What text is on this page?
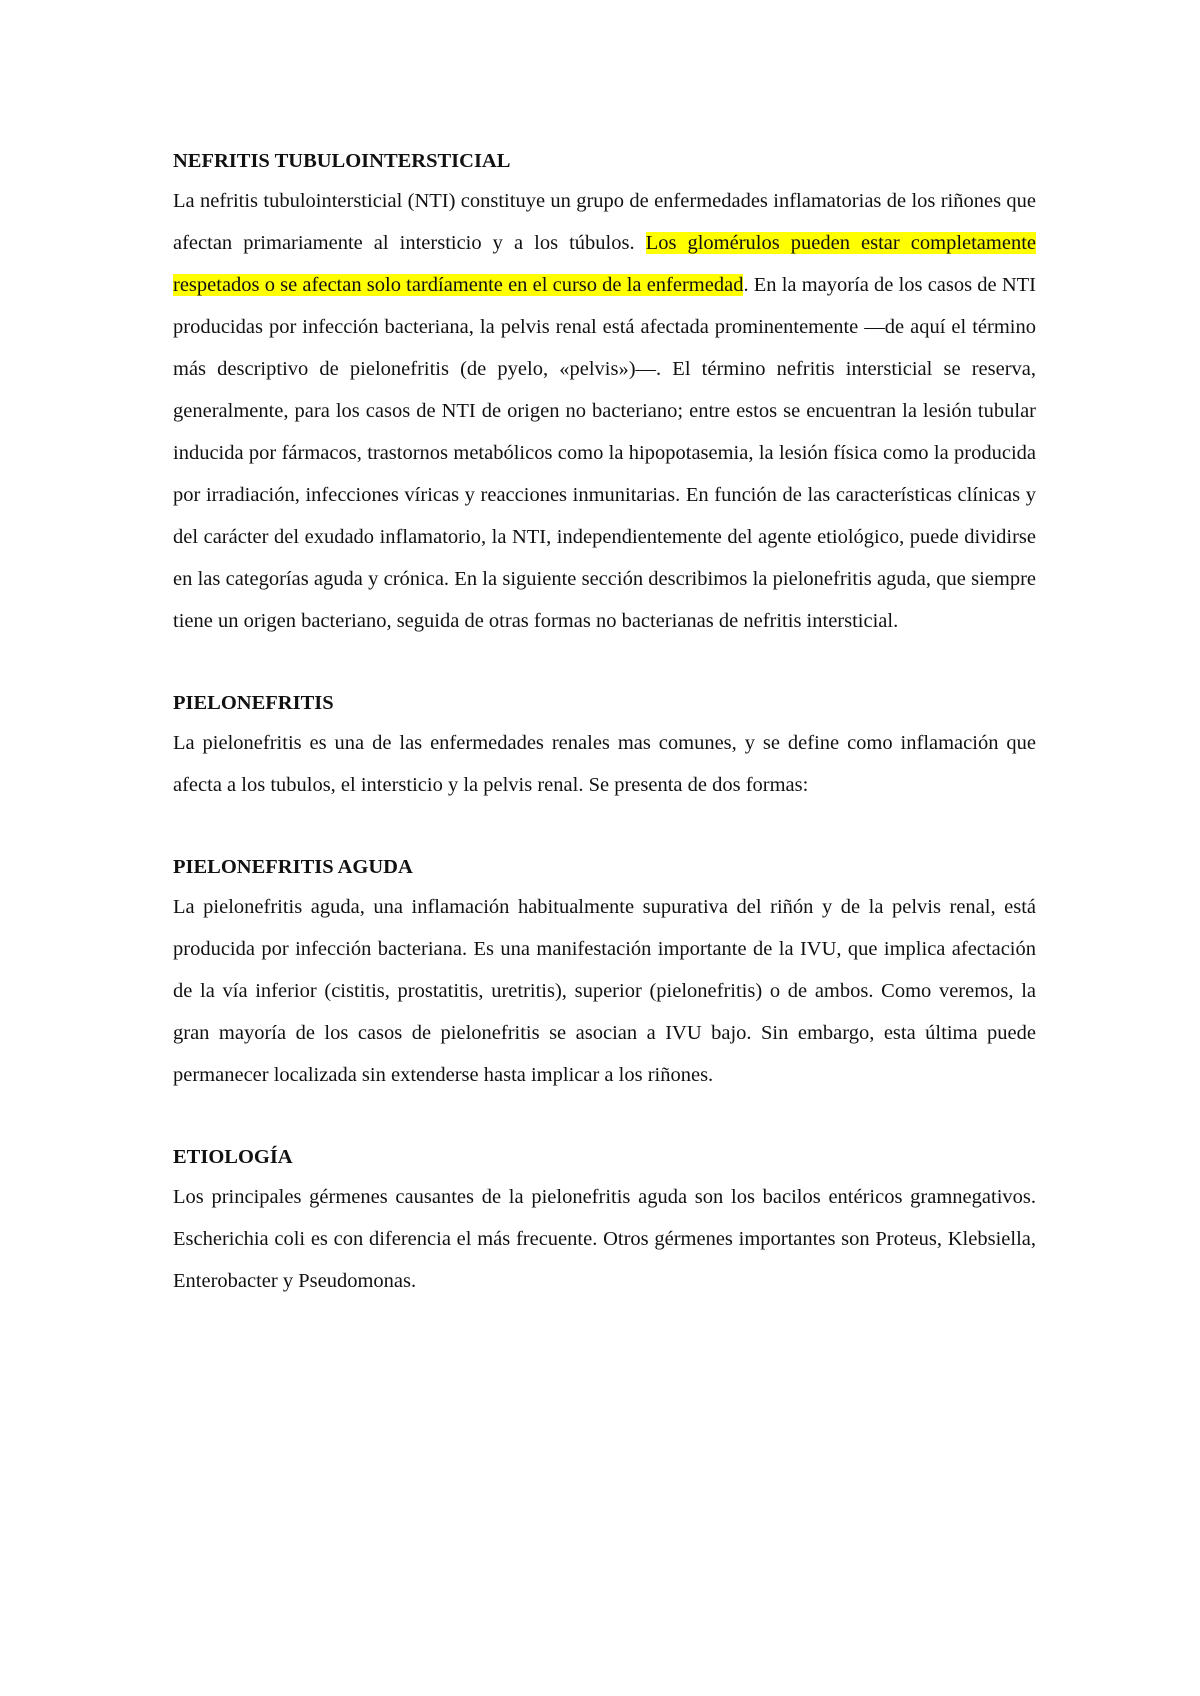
NEFRITIS TUBULOINTERSTICIAL

La nefritis tubulointersticial (NTI) constituye un grupo de enfermedades inflamatorias de los riñones que afectan primariamente al intersticio y a los túbulos. Los glomérulos pueden estar completamente respetados o se afectan solo tardíamente en el curso de la enfermedad. En la mayoría de los casos de NTI producidas por infección bacteriana, la pelvis renal está afectada prominentemente —de aquí el término más descriptivo de pielonefritis (de pyelo, «pelvis»)—. El término nefritis intersticial se reserva, generalmente, para los casos de NTI de origen no bacteriano; entre estos se encuentran la lesión tubular inducida por fármacos, trastornos metabólicos como la hipopotasemia, la lesión física como la producida por irradiación, infecciones víricas y reacciones inmunitarias. En función de las características clínicas y del carácter del exudado inflamatorio, la NTI, independientemente del agente etiológico, puede dividirse en las categorías aguda y crónica. En la siguiente sección describimos la pielonefritis aguda, que siempre tiene un origen bacteriano, seguida de otras formas no bacterianas de nefritis intersticial.

PIELONEFRITIS

La pielonefritis es una de las enfermedades renales mas comunes, y se define como inflamación que afecta a los tubulos, el intersticio y la pelvis renal. Se presenta de dos formas:

PIELONEFRITIS AGUDA

La pielonefritis aguda, una inflamación habitualmente supurativa del riñón y de la pelvis renal, está producida por infección bacteriana. Es una manifestación importante de la IVU, que implica afectación de la vía inferior (cistitis, prostatitis, uretritis), superior (pielonefritis) o de ambos. Como veremos, la gran mayoría de los casos de pielonefritis se asocian a IVU bajo. Sin embargo, esta última puede permanecer localizada sin extenderse hasta implicar a los riñones.

ETIOLOGÍA

Los principales gérmenes causantes de la pielonefritis aguda son los bacilos entéricos gramnegativos. Escherichia coli es con diferencia el más frecuente. Otros gérmenes importantes son Proteus, Klebsiella, Enterobacter y Pseudomonas.
